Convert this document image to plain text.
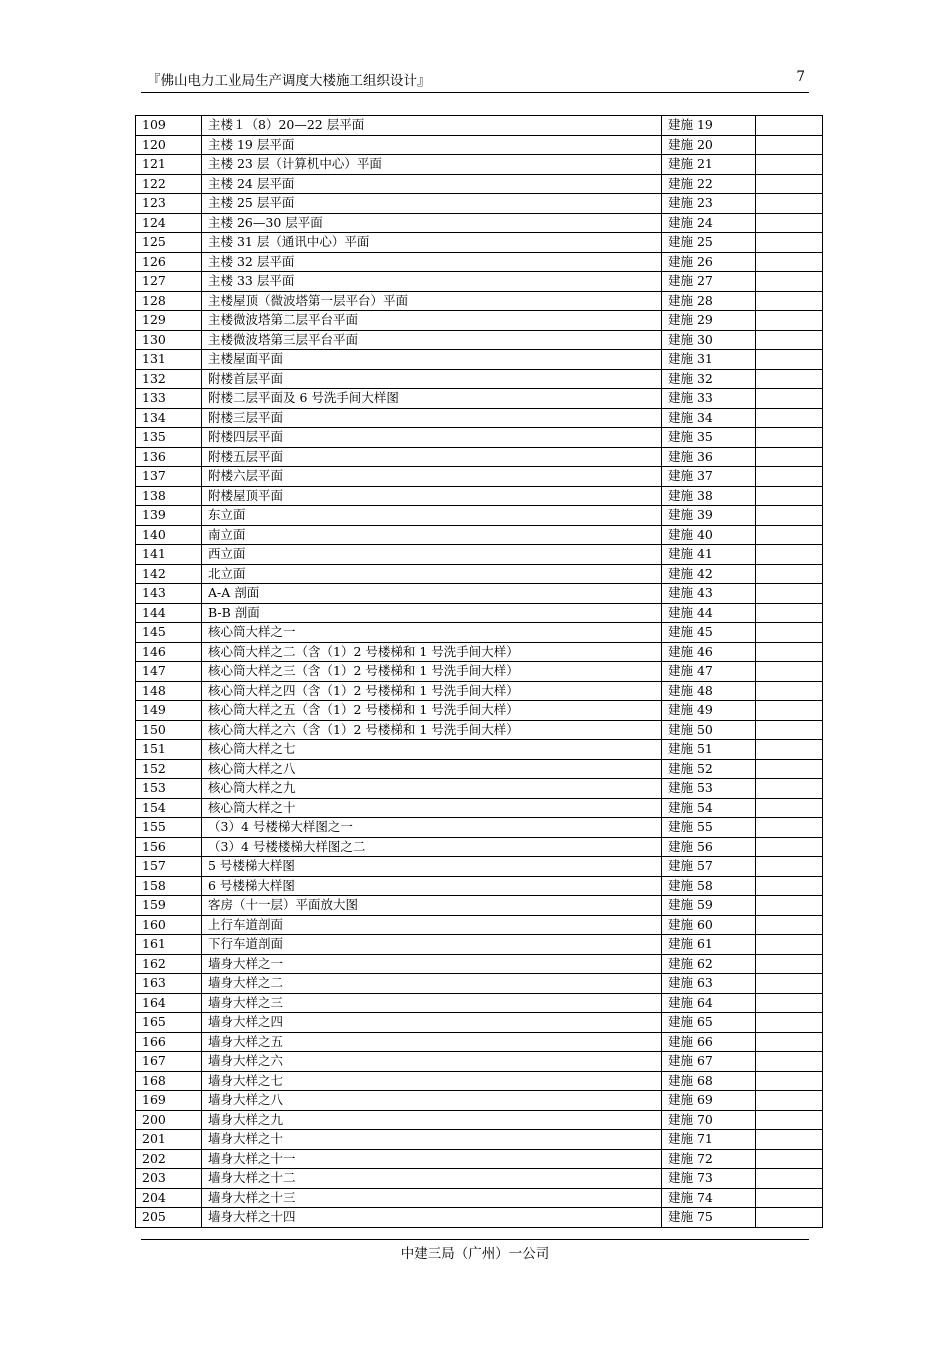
『佛山电力工业局生产调度大楼施工组织设计』	7
109	主楼１（8）20—22 层平面	建施 19	
120	主楼 19 层平面	建施 20	
121	主楼 23 层（计算机中心）平面	建施 21	
122	主楼 24 层平面	建施 22	
123	主楼 25 层平面	建施 23	
124	主楼 26—30 层平面	建施 24	
125	主楼 31 层（通讯中心）平面	建施 25	
126	主楼 32 层平面	建施 26	
127	主楼 33 层平面	建施 27	
128	主楼屋顶（微波塔第一层平台）平面	建施 28	
129	主楼微波塔第二层平台平面	建施 29	
130	主楼微波塔第三层平台平面	建施 30	
131	主楼屋面平面	建施 31	
132	附楼首层平面	建施 32	
133	附楼二层平面及 6 号洗手间大样图	建施 33	
134	附楼三层平面	建施 34	
135	附楼四层平面	建施 35	
136	附楼五层平面	建施 36	
137	附楼六层平面	建施 37	
138	附楼屋顶平面	建施 38	
139	东立面	建施 39	
140	南立面	建施 40	
141	西立面	建施 41	
142	北立面	建施 42	
143	A-A 剖面	建施 43	
144	B-B 剖面	建施 44	
145	核心筒大样之一	建施 45	
146	核心筒大样之二（含（1）2 号楼梯和 1 号洗手间大样）	建施 46	
147	核心筒大样之三（含（1）2 号楼梯和 1 号洗手间大样）	建施 47	
148	核心筒大样之四（含（1）2 号楼梯和 1 号洗手间大样）	建施 48	
149	核心筒大样之五（含（1）2 号楼梯和 1 号洗手间大样）	建施 49	
150	核心筒大样之六（含（1）2 号楼梯和 1 号洗手间大样）	建施 50	
151	核心筒大样之七	建施 51	
152	核心筒大样之八	建施 52	
153	核心筒大样之九	建施 53	
154	核心筒大样之十	建施 54	
155	（3）4 号楼梯大样图之一	建施 55	
156	（3）4 号楼楼梯大样图之二	建施 56	
157	5 号楼梯大样图	建施 57	
158	6 号楼梯大样图	建施 58	
159	客房（十一层）平面放大图	建施 59	
160	上行车道剖面	建施 60	
161	下行车道剖面	建施 61	
162	墙身大样之一	建施 62	
163	墙身大样之二	建施 63	
164	墙身大样之三	建施 64	
165	墙身大样之四	建施 65	
166	墙身大样之五	建施 66	
167	墙身大样之六	建施 67	
168	墙身大样之七	建施 68	
169	墙身大样之八	建施 69	
200	墙身大样之九	建施 70	
201	墙身大样之十	建施 71	
202	墙身大样之十一	建施 72	
203	墙身大样之十二	建施 73	
204	墙身大样之十三	建施 74	
205	墙身大样之十四	建施 75	
中建三局（广州）一公司
